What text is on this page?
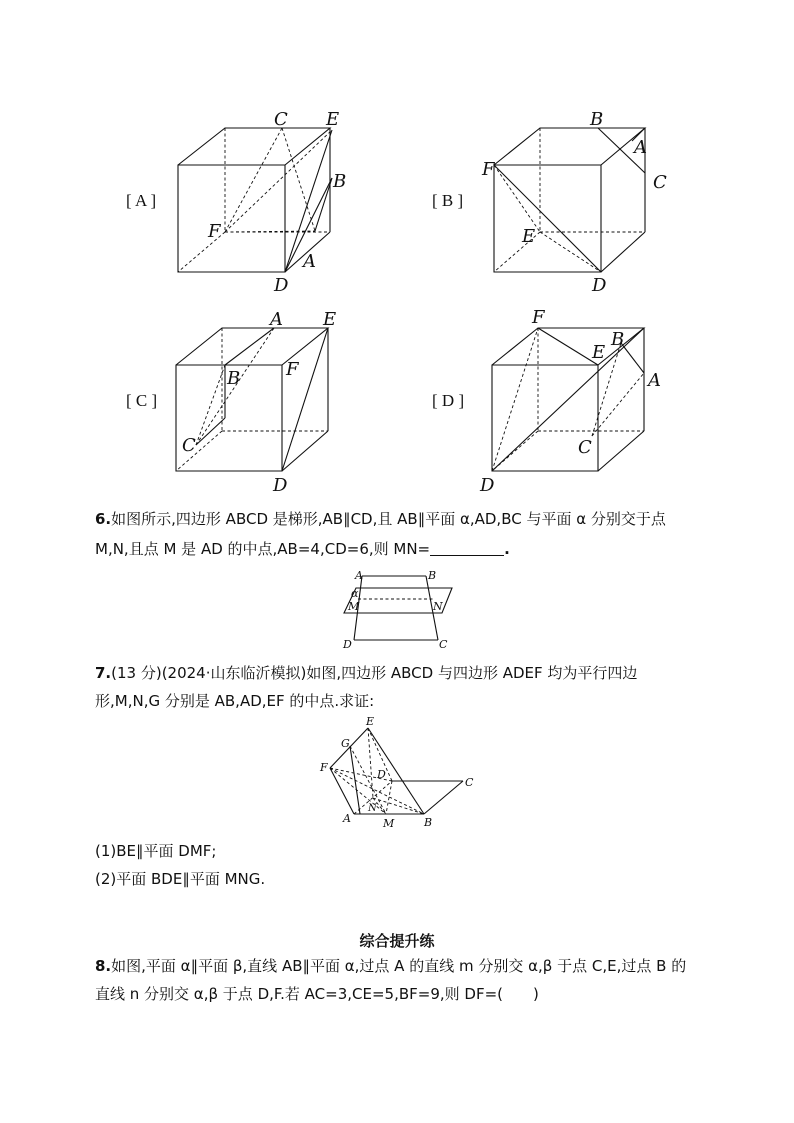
[ A ]
C E
B
F
A
D
[ B ]
B
A
C
F
E
D
[ C ]
A E
B	F
C
D
[ D ]
F
E
B
A
C
D
6.如图所示,四边形 ABCD 是梯形,AB∥CD,且 AB∥平面 α,AD,BC 与平面 α 分别交于点
M,N,且点 M 是 AD 的中点,AB=4,CD=6,则 MN=	.
A	B
α
M	N
D	C
7.(13 分)(2024·山东临沂模拟)如图,四边形 ABCD 与四边形 ADEF 均为平行四边
形,M,N,G 分别是 AB,AD,EF 的中点.求证:
E
G
F
D
C
N
A	M	B
(1)BE∥平面 DMF;
(2)平面 BDE∥平面 MNG.
综合提升练
8.如图,平面 α∥平面 β,直线 AB∥平面 α,过点 A 的直线 m 分别交 α,β 于点 C,E,过点 B 的
直线 n 分别交 α,β 于点 D,F.若 AC=3,CE=5,BF=9,则 DF=(　　)
